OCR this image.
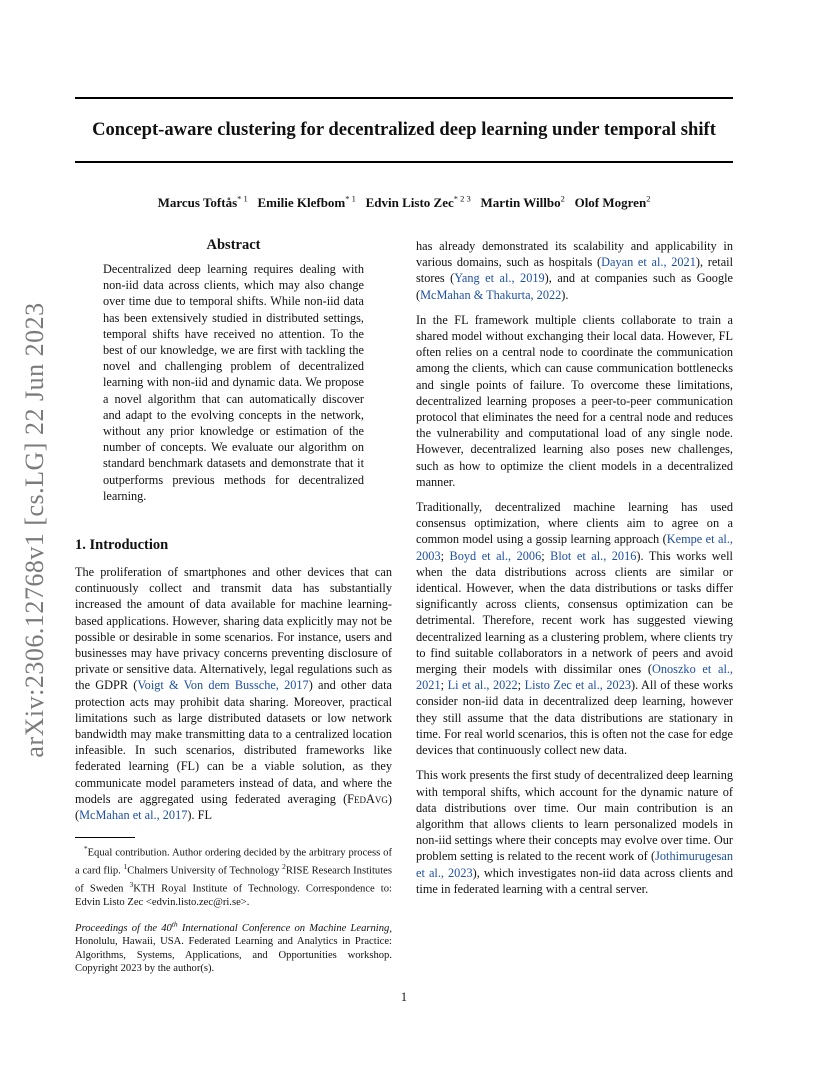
Concept-aware clustering for decentralized deep learning under temporal shift
Marcus Toftås$^{* 1}$ Emilie Klefbom$^{* 1}$ Edvin Listo Zec$^{* 2 3}$ Martin Willbo$^2$ Olof Mogren$^2$
arXiv:2306.12768v1 [cs.LG] 22 Jun 2023
Abstract

Decentralized deep learning requires dealing with non-iid data across clients, which may also change over time due to temporal shifts. While non-iid data has been extensively studied in distributed settings, temporal shifts have received no attention. To the best of our knowledge, we are first with tackling the novel and challenging problem of decentralized learning with non-iid and dynamic data. We propose a novel algorithm that can automatically discover and adapt to the evolving concepts in the network, without any prior knowledge or estimation of the number of concepts. We evaluate our algorithm on standard benchmark datasets and demonstrate that it outperforms previous methods for decentralized learning.

1. Introduction

The proliferation of smartphones and other devices that can continuously collect and transmit data has substantially increased the amount of data available for machine learning-based applications. However, sharing data explicitly may not be possible or desirable in some scenarios. For instance, users and businesses may have privacy concerns preventing disclosure of private or sensitive data. Alternatively, legal regulations such as the GDPR (Voigt & Von dem Bussche, 2017) and other data protection acts may prohibit data sharing. Moreover, practical limitations such as large distributed datasets or low network bandwidth may make transmitting data to a centralized location infeasible. In such scenarios, distributed frameworks like federated learning (FL) can be a viable solution, as they communicate model parameters instead of data, and where the models are aggregated using federated averaging (FedAvg) (McMahan et al., 2017). FL

*Equal contribution. Author ordering decided by the arbitrary process of a card flip. $^1$Chalmers University of Technology $^2$RISE Research Institutes of Sweden $^3$KTH Royal Institute of Technology. Correspondence to: Edvin Listo Zec <edvin.listo.zec@ri.se>.

Proceedings of the 40th International Conference on Machine Learning, Honolulu, Hawaii, USA. Federated Learning and Analytics in Practice: Algorithms, Systems, Applications, and Opportunities workshop. Copyright 2023 by the author(s).

has already demonstrated its scalability and applicability in various domains, such as hospitals (Dayan et al., 2021), retail stores (Yang et al., 2019), and at companies such as Google (McMahan & Thakurta, 2022).

In the FL framework multiple clients collaborate to train a shared model without exchanging their local data. However, FL often relies on a central node to coordinate the communication among the clients, which can cause communication bottlenecks and single points of failure. To overcome these limitations, decentralized learning proposes a peer-to-peer communication protocol that eliminates the need for a central node and reduces the vulnerability and computational load of any single node. However, decentralized learning also poses new challenges, such as how to optimize the client models in a decentralized manner.

Traditionally, decentralized machine learning has used consensus optimization, where clients aim to agree on a common model using a gossip learning approach (Kempe et al., 2003; Boyd et al., 2006; Blot et al., 2016). This works well when the data distributions across clients are similar or identical. However, when the data distributions or tasks differ significantly across clients, consensus optimization can be detrimental. Therefore, recent work has suggested viewing decentralized learning as a clustering problem, where clients try to find suitable collaborators in a network of peers and avoid merging their models with dissimilar ones (Onoszko et al., 2021; Li et al., 2022; Listo Zec et al., 2023). All of these works consider non-iid data in decentralized deep learning, however they still assume that the data distributions are stationary in time. For real world scenarios, this is often not the case for edge devices that continuously collect new data.

This work presents the first study of decentralized deep learning with temporal shifts, which account for the dynamic nature of data distributions over time. Our main contribution is an algorithm that allows clients to learn personalized models in non-iid settings where their concepts may evolve over time. Our problem setting is related to the recent work of (Jothimurugesan et al., 2023), which investigates non-iid data across clients and time in federated learning with a central server.

1
